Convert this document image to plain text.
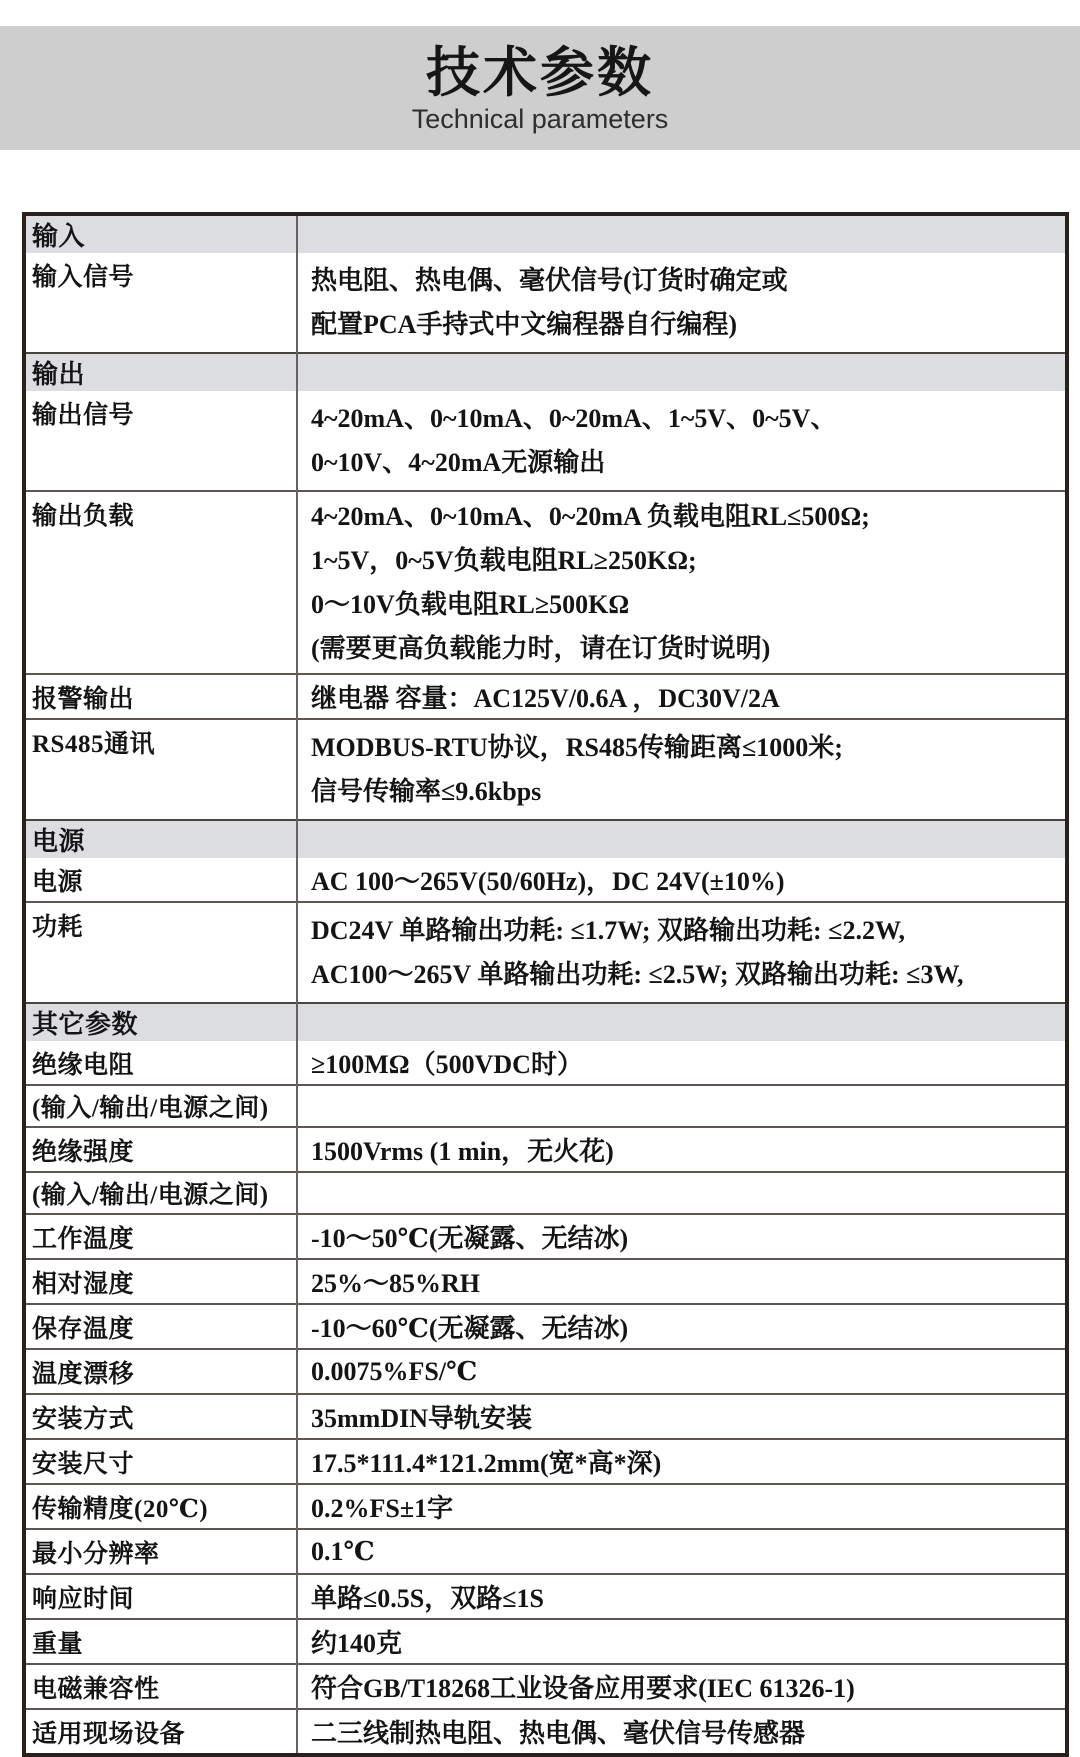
技术参数
Technical parameters
输入	
输入信号	热电阻、热电偶、毫伏信号(订货时确定或
配置PCA手持式中文编程器自行编程)

输出	
输出信号	4~20mA、0~10mA、0~20mA、1~5V、0~5V、
0~10V、4~20mA无源输出

输出负载	4~20mA、0~10mA、0~20mA 负载电阻RL≤500Ω;
1~5V，0~5V负载电阻RL≥250KΩ;
0～10V负载电阻RL≥500KΩ
(需要更高负载能力时，请在订货时说明)

报警输出	继电器 容量：AC125V/0.6A ，DC30V/2A

RS485通讯	MODBUS-RTU协议，RS485传输距离≤1000米;
信号传输率≤9.6kbps

电源	
电源	AC 100～265V(50/60Hz)，DC 24V(±10%)

功耗	DC24V 单路输出功耗: ≤1.7W; 双路输出功耗: ≤2.2W,
AC100～265V 单路输出功耗: ≤2.5W; 双路输出功耗: ≤3W,

其它参数	
绝缘电阻	≥100MΩ（500VDC时）

(输入/输出/电源之间)	
绝缘强度	1500Vrms (1 min，无火花)

(输入/输出/电源之间)	
工作温度	-10～50℃(无凝露、无结冰)

相对湿度	25%～85%RH

保存温度	-10～60℃(无凝露、无结冰)

温度漂移	0.0075%FS/℃

安装方式	35mmDIN导轨安装

安装尺寸	17.5*111.4*121.2mm(宽*高*深)

传输精度(20℃)	0.2%FS±1字

最小分辨率	0.1℃

响应时间	单路≤0.5S，双路≤1S

重量	约140克

电磁兼容性	符合GB/T18268工业设备应用要求(IEC 61326-1)

适用现场设备	二三线制热电阻、热电偶、毫伏信号传感器
